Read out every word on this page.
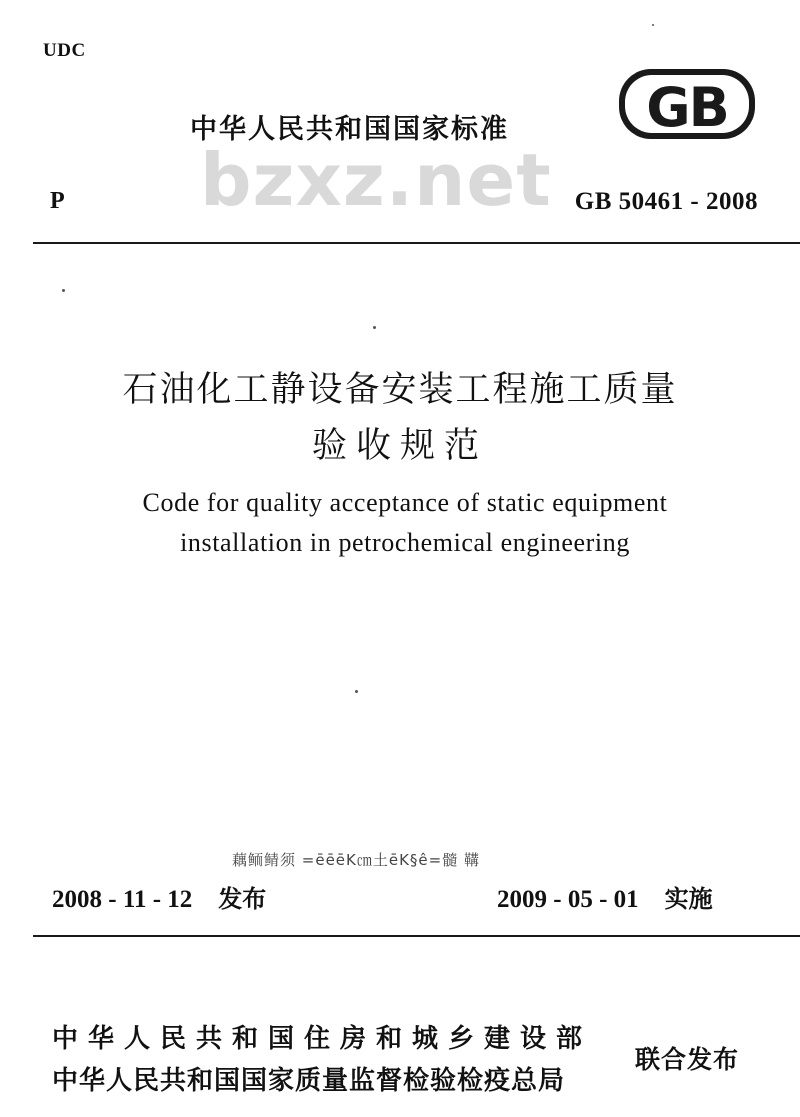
UDC
中华人民共和国国家标准	GB
bzxz.net
P	GB 50461 - 2008
石油化工静设备安装工程施工质量
验收规范
Code for quality acceptance of static equipment
installation in petrochemical engineering
藕鲕鲭须 =ēēēK㎝土ēK§ê=髓 鞲
2008 - 11 - 12 发布	2009 - 05 - 01 实施
中华人民共和国住房和城乡建设部
中华人民共和国国家质量监督检验检疫总局
联合发布
